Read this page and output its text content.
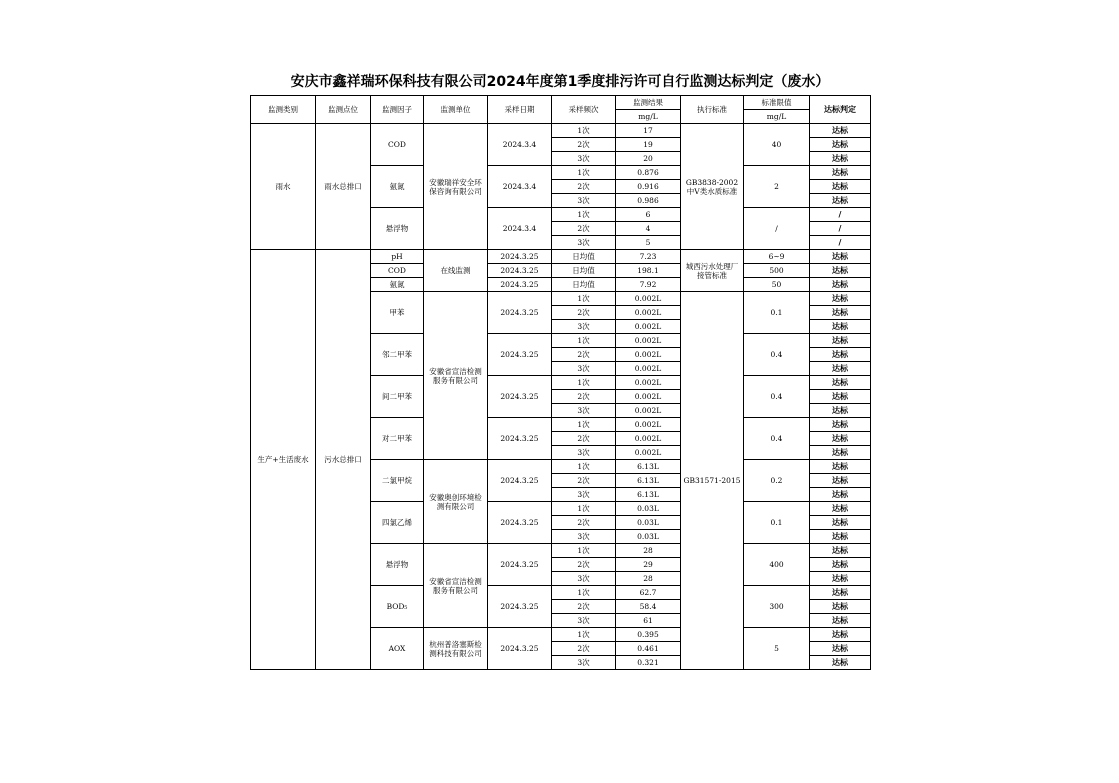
安庆市鑫祥瑞环保科技有限公司2024年度第1季度排污许可自行监测达标判定（废水）
监测类别	监测点位	监测因子	监测单位	采样日期	采样频次	监测结果	执行标准	标准限值	达标判定
						mg/L		mg/L	
雨水	雨水总排口	COD	安徽瑞祥安全环保咨询有限公司	2024.3.4	1次	17	GB3838-2002中Ⅴ类水质标准	40	达标
					2次	19			达标
					3次	20			达标
		氨氮		2024.3.4	1次	0.876		2	达标
					2次	0.916			达标
					3次	0.986			达标
		悬浮物		2024.3.4	1次	6		/	/
					2次	4			/
					3次	5			/
生产+生活废水	污水总排口	pH	在线监测	2024.3.25	日均值	7.23	城西污水处理厂接管标准	6~9	达标
		COD		2024.3.25	日均值	198.1		500	达标
		氨氮		2024.3.25	日均值	7.92		50	达标
		甲苯	安徽省宣洁检测服务有限公司	2024.3.25	1次	0.002L	GB31571-2015	0.1	达标
					2次	0.002L			达标
					3次	0.002L			达标
		邻二甲苯		2024.3.25	1次	0.002L		0.4	达标
					2次	0.002L			达标
					3次	0.002L			达标
		间二甲苯		2024.3.25	1次	0.002L		0.4	达标
					2次	0.002L			达标
					3次	0.002L			达标
		对二甲苯		2024.3.25	1次	0.002L		0.4	达标
					2次	0.002L			达标
					3次	0.002L			达标
		二氯甲烷	安徽奥创环境检测有限公司	2024.3.25	1次	6.13L		0.2	达标
					2次	6.13L			达标
					3次	6.13L			达标
		四氯乙烯		2024.3.25	1次	0.03L		0.1	达标
					2次	0.03L			达标
					3次	0.03L			达标
		悬浮物	安徽省宣洁检测服务有限公司	2024.3.25	1次	28		400	达标
					2次	29			达标
					3次	28			达标
		BOD₅		2024.3.25	1次	62.7		300	达标
					2次	58.4			达标
					3次	61			达标
		AOX	杭州普洛塞斯检测科技有限公司	2024.3.25	1次	0.395		5	达标
					2次	0.461			达标
					3次	0.321			达标
